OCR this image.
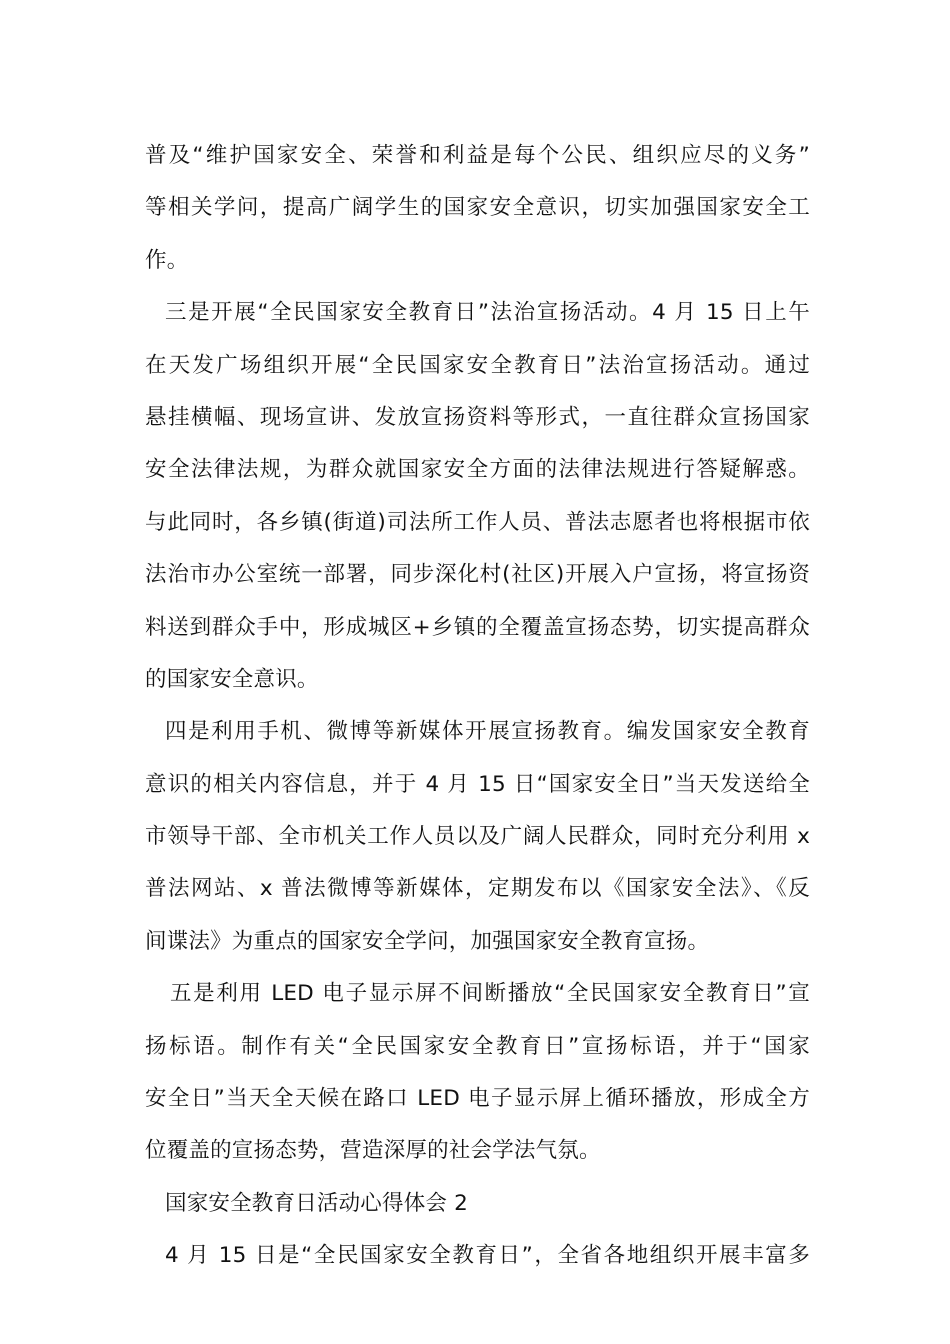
普及“维护国家安全、荣誉和利益是每个公民、组织应尽的义务”
等相关学问，提高广阔学生的国家安全意识，切实加强国家安全工
作。
三是开展“全民国家安全教育日”法治宣扬活动。4 月 15 日上午
在天发广场组织开展“全民国家安全教育日”法治宣扬活动。通过
悬挂横幅、现场宣讲、发放宣扬资料等形式，一直往群众宣扬国家
安全法律法规，为群众就国家安全方面的法律法规进行答疑解惑。
与此同时，各乡镇(街道)司法所工作人员、普法志愿者也将根据市依
法治市办公室统一部署，同步深化村(社区)开展入户宣扬，将宣扬资
料送到群众手中，形成城区+乡镇的全覆盖宣扬态势，切实提高群众
的国家安全意识。
四是利用手机、微博等新媒体开展宣扬教育。编发国家安全教育
意识的相关内容信息，并于 4 月 15 日“国家安全日”当天发送给全
市领导干部、全市机关工作人员以及广阔人民群众，同时充分利用 x
普法网站、x 普法微博等新媒体，定期发布以《国家安全法》、《反
间谍法》为重点的国家安全学问，加强国家安全教育宣扬。
五是利用 LED 电子显示屏不间断播放“全民国家安全教育日”宣
扬标语。制作有关“全民国家安全教育日”宣扬标语，并于“国家
安全日”当天全天候在路口 LED 电子显示屏上循环播放，形成全方
位覆盖的宣扬态势，营造深厚的社会学法气氛。
国家安全教育日活动心得体会 2
4 月 15 日是“全民国家安全教育日”，全省各地组织开展丰富多
